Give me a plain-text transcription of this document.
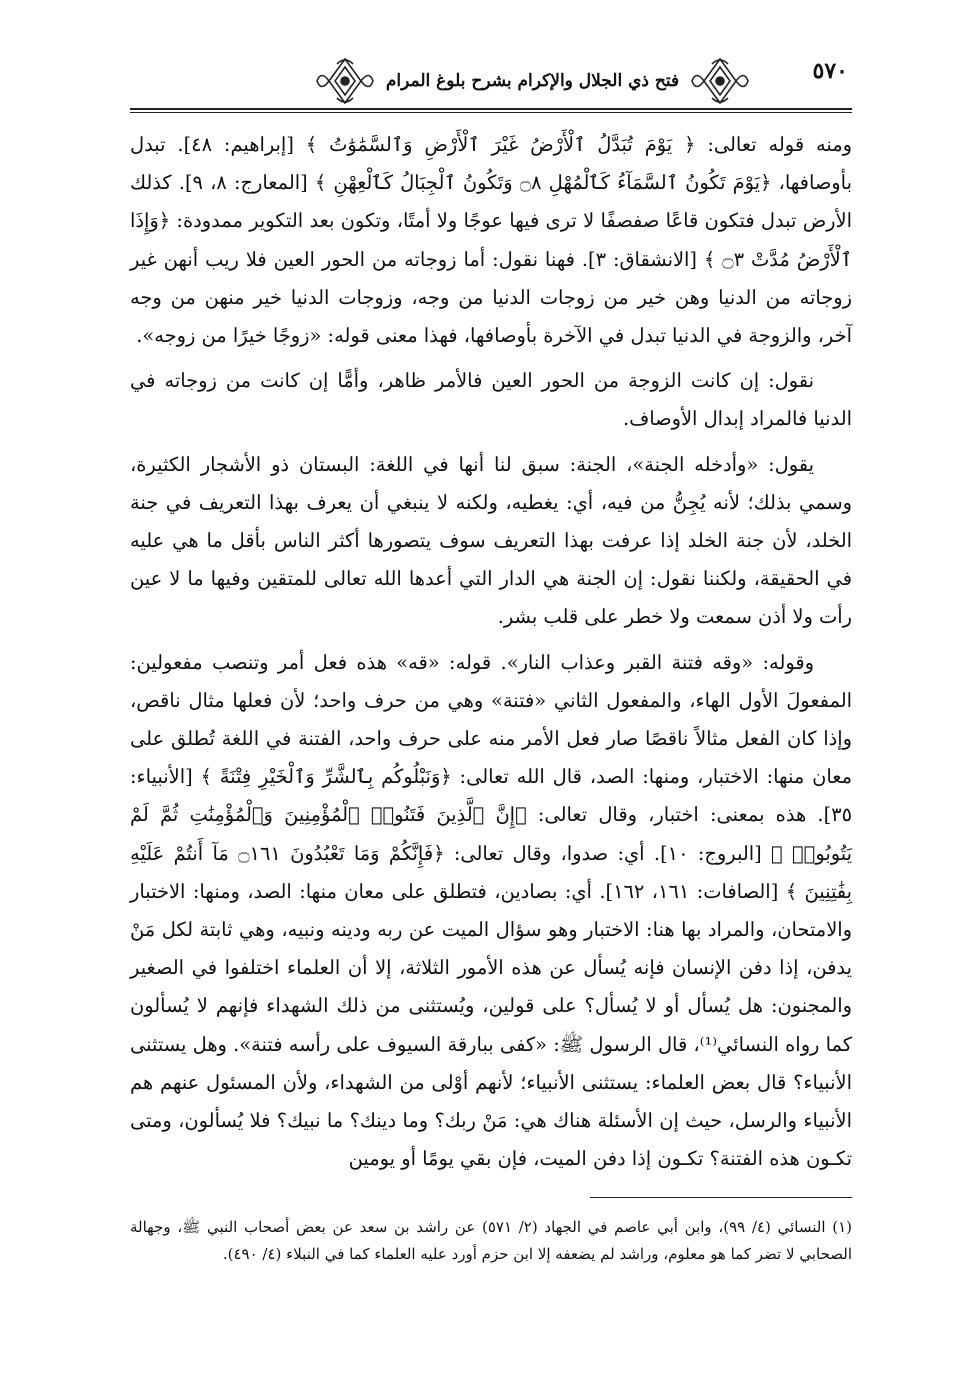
٥٧٠
فتح ذي الجلال والإكرام بشرح بلوغ المرام

ومنه قوله تعالى: ﴿ يَوْمَ تُبَدَّلُ ٱلْأَرْضُ غَيْرَ ٱلْأَرْضِ وَٱلسَّمَٰوَٰتُ ﴾ [إبراهيم: ٤٨]. تبدل بأوصافها، ﴿يَوْمَ تَكُونُ ٱلسَّمَآءُ كَٱلْمُهْلِ ۝٨ وَتَكُونُ ٱلْجِبَالُ كَٱلْعِهْنِ ﴾ [المعارج: ٨، ٩]. كذلك الأرض تبدل فتكون قاعًا صفصفًا لا ترى فيها عوجًا ولا أمتًا، وتكون بعد التكوير ممدودة: ﴿وَإِذَا ٱلْأَرْضُ مُدَّتْ ۝٣ ﴾ [الانشقاق: ٣]. فهنا نقول: أما زوجاته من الحور العين فلا ريب أنهن غير زوجاته من الدنيا وهن خير من زوجات الدنيا من وجه، وزوجات الدنيا خير منهن من وجه آخر، والزوجة في الدنيا تبدل في الآخرة بأوصافها، فهذا معنى قوله: «زوجًا خيرًا من زوجه».

نقول: إن كانت الزوجة من الحور العين فالأمر ظاهر، وأمًّا إن كانت من زوجاته في الدنيا فالمراد إبدال الأوصاف.

يقول: «وأدخله الجنة»، الجنة: سبق لنا أنها في اللغة: البستان ذو الأشجار الكثيرة، وسمي بذلك؛ لأنه يُجِنُّ من فيه، أي: يغطيه، ولكنه لا ينبغي أن يعرف بهذا التعريف في جنة الخلد، لأن جنة الخلد إذا عرفت بهذا التعريف سوف يتصورها أكثر الناس بأقل ما هي عليه في الحقيقة، ولكننا نقول: إن الجنة هي الدار التي أعدها الله تعالى للمتقين وفيها ما لا عين رأت ولا أذن سمعت ولا خطر على قلب بشر.

وقوله: «وقه فتنة القبر وعذاب النار». قوله: «قه» هذه فعل أمر وتنصب مفعولين: المفعولَ الأول الهاء، والمفعول الثاني «فتنة» وهي من حرف واحد؛ لأن فعلها مثال ناقص، وإذا كان الفعل مثالاً ناقصًا صار فعل الأمر منه على حرف واحد، الفتنة في اللغة تُطلق على معان منها: الاختبار، ومنها: الصد، قال الله تعالى: ﴿وَنَبْلُوكُم بِٱلشَّرِّ وَٱلْخَيْرِ فِتْنَةً ﴾ [الأنبياء: ٣٥]. هذه بمعنى: اختبار، وقال تعالى: ﴿إِنَّ ٱلَّذِينَ فَتَنُوا۟ ٱلْمُؤْمِنِينَ وَٱلْمُؤْمِنَٰتِ ثُمَّ لَمْ يَتُوبُوا۟ ﴾ [البروج: ١٠]. أي: صدوا، وقال تعالى: ﴿فَإِنَّكُمْ وَمَا تَعْبُدُونَ ۝١٦١ مَآ أَنتُمْ عَلَيْهِ بِفَٰتِنِينَ ﴾ [الصافات: ١٦١، ١٦٢]. أي: بصادين، فتطلق على معان منها: الصد، ومنها: الاختبار والامتحان، والمراد بها هنا: الاختبار وهو سؤال الميت عن ربه ودينه ونبيه، وهي ثابتة لكل مَنْ يدفن، إذا دفن الإنسان فإنه يُسأل عن هذه الأمور الثلاثة، إلا أن العلماء اختلفوا في الصغير والمجنون: هل يُسأل أو لا يُسأل؟ على قولين، ويُستثنى من ذلك الشهداء فإنهم لا يُسألون كما رواه النسائي⁽¹⁾، قال الرسول ﷺ: «كفى ببارقة السيوف على رأسه فتنة». وهل يستثنى الأنبياء؟ قال بعض العلماء: يستثنى الأنبياء؛ لأنهم أوْلى من الشهداء، ولأن المسئول عنهم هم الأنبياء والرسل، حيث إن الأسئلة هناك هي: مَنْ ربك؟ وما دينك؟ ما نبيك؟ فلا يُسألون، ومتى تكـون هذه الفتنة؟ تكـون إذا دفن الميت، فإن بقي يومًا أو يومين

(١) النسائي (٤/ ٩٩)، وابن أبي عاصم في الجهاد (٢/ ٥٧١) عن راشد بن سعد عن بعض أصحاب النبي ﷺ، وجهالة الصحابي لا تضر كما هو معلوم، وراشد لم يضعفه إلا ابن حزم أورد عليه العلماء كما في النبلاء (٤/ ٤٩٠).
